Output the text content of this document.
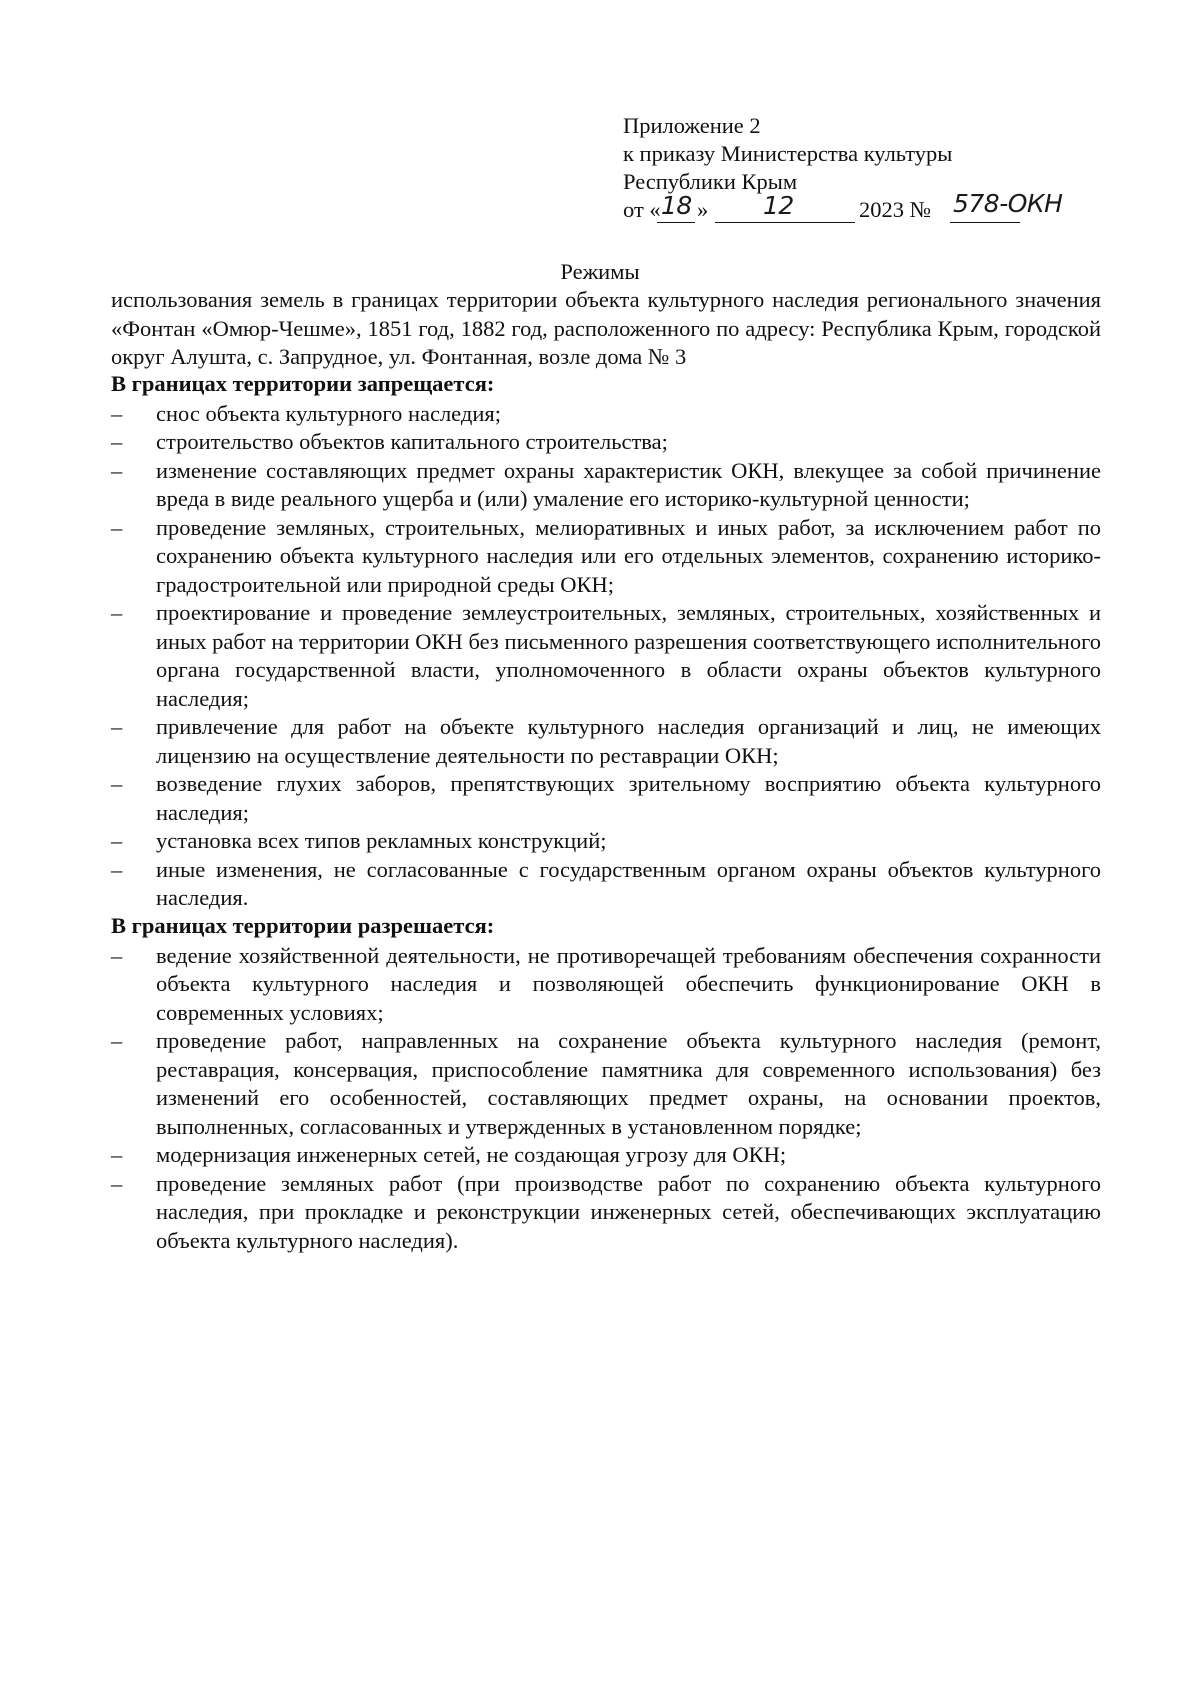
Приложение 2
к приказу Министерства культуры
Республики Крым
от « 18 » 12	2023 № 578-ОКН
Режимы
использования земель в границах территории объекта культурного наследия регионального значения «Фонтан «Омюр-Чешме», 1851 год, 1882 год, расположенного по адресу: Республика Крым, городской округ Алушта, с. Запрудное, ул. Фонтанная, возле дома № 3
В границах территории запрещается:
– снос объекта культурного наследия;
– строительство объектов капитального строительства;
– изменение составляющих предмет охраны характеристик ОКН, влекущее за собой причинение вреда в виде реального ущерба и (или) умаление его историко-культурной ценности;
– проведение земляных, строительных, мелиоративных и иных работ, за исключением работ по сохранению объекта культурного наследия или его отдельных элементов, сохранению историко-градостроительной или природной среды ОКН;
– проектирование и проведение землеустроительных, земляных, строительных, хозяйственных и иных работ на территории ОКН без письменного разрешения соответствующего исполнительного органа государственной власти, уполномоченного в области охраны объектов культурного наследия;
– привлечение для работ на объекте культурного наследия организаций и лиц, не имеющих лицензию на осуществление деятельности по реставрации ОКН;
– возведение глухих заборов, препятствующих зрительному восприятию объекта культурного наследия;
– установка всех типов рекламных конструкций;
– иные изменения, не согласованные с государственным органом охраны объектов культурного наследия.
В границах территории разрешается:
– ведение хозяйственной деятельности, не противоречащей требованиям обеспечения сохранности объекта культурного наследия и позволяющей обеспечить функционирование ОКН в современных условиях;
– проведение работ, направленных на сохранение объекта культурного наследия (ремонт, реставрация, консервация, приспособление памятника для современного использования) без изменений его особенностей, составляющих предмет охраны, на основании проектов, выполненных, согласованных и утвержденных в установленном порядке;
– модернизация инженерных сетей, не создающая угрозу для ОКН;
– проведение земляных работ (при производстве работ по сохранению объекта культурного наследия, при прокладке и реконструкции инженерных сетей, обеспечивающих эксплуатацию объекта культурного наследия).
